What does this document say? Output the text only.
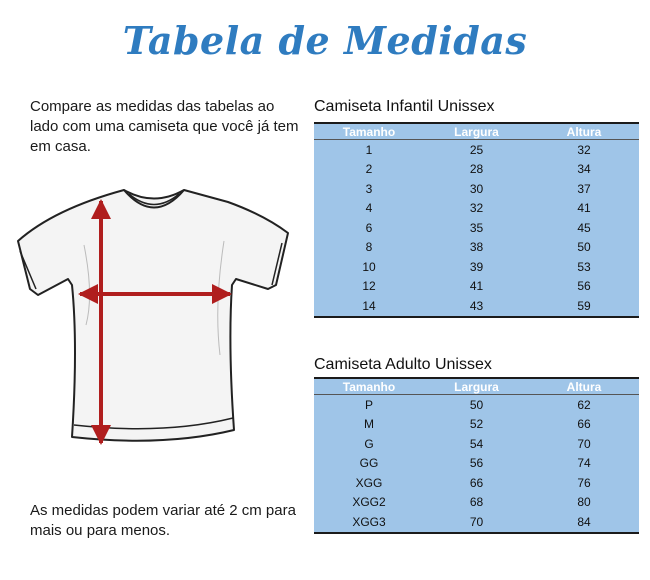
Tabela de Medidas
Compare as medidas das tabelas ao lado com uma camiseta que você já tem em casa.
As medidas podem variar até 2 cm para mais ou para menos.
Camiseta Infantil Unissex
Tamanho	Largura	Altura
1	25	32
2	28	34
3	30	37
4	32	41
6	35	45
8	38	50
10	39	53
12	41	56
14	43	59
Camiseta Adulto Unissex
Tamanho	Largura	Altura
P	50	62
M	52	66
G	54	70
GG	56	74
XGG	66	76
XGG2	68	80
XGG3	70	84
